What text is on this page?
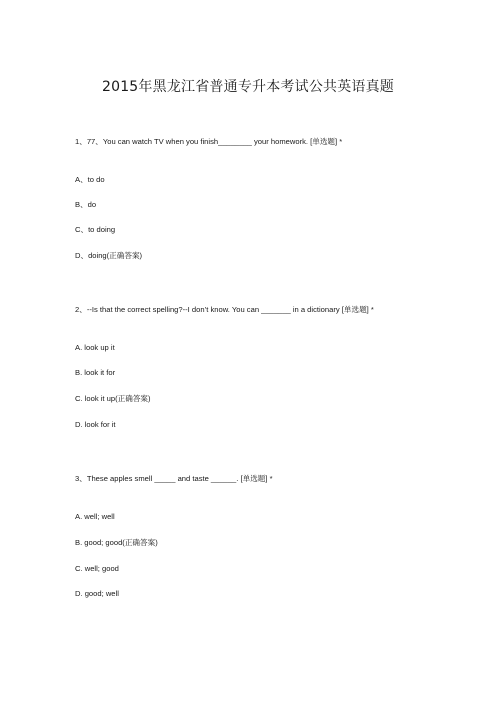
2015年黑龙江省普通专升本考试公共英语真题
1、77、You can watch TV when you finish________ your homework. [单选题] *
A、to do
B、do
C、to doing
D、doing(正确答案)
2、--Is that the correct spelling?--I don’t know. You can _______ in a dictionary [单选题] *
A. look up it
B. look it for
C. look it up(正确答案)
D. look for it
3、These apples smell _____ and taste ______. [单选题] *
A. well; well
B. good; good(正确答案)
C. well; good
D. good; well
